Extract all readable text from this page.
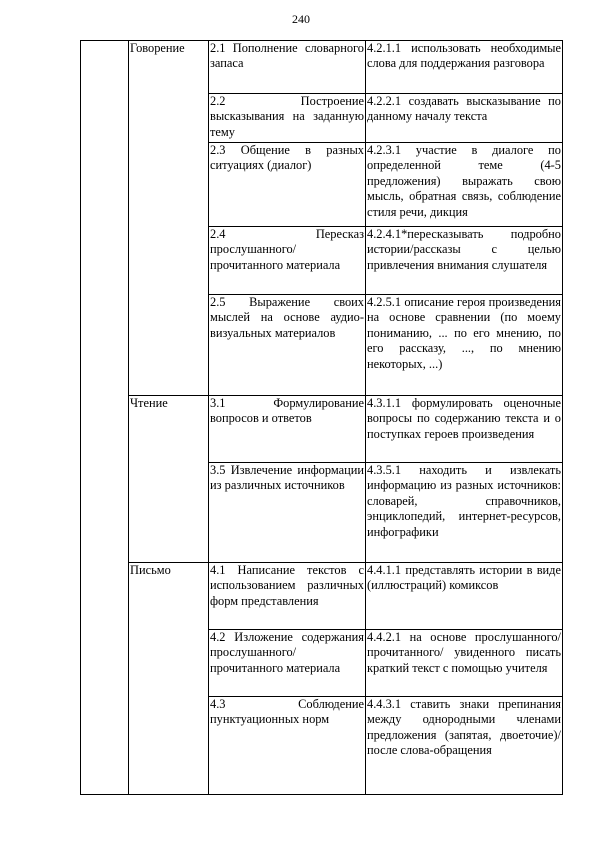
240
	Говорение	2.1 Пополнение словарного запаса	4.2.1.1 использовать необходимые слова для поддержания разговора

		2.2 Построение высказывания на заданную тему	4.2.2.1 создавать высказывание по данному началу текста

		2.3 Общение в разных ситуациях (диалог)	4.2.3.1 участие в диалоге по определенной теме (4-5 предложения) выражать свою мысль, обратная связь, соблюдение стиля речи, дикция

		2.4 Пересказ прослушанного/прочитанного материала	4.2.4.1*пересказывать подробно истории/рассказы с целью привлечения внимания слушателя

		2.5 Выражение своих мыслей на основе аудио-визуальных материалов	4.2.5.1 описание героя произведения на основе сравнении (по моему пониманию, ... по его мнению, по его рассказу, ..., по мнению некоторых, ...)

	Чтение	3.1 Формулирование вопросов и ответов	4.3.1.1 формулировать оценочные вопросы по содержанию текста и о поступках героев произведения

		3.5 Извлечение информации из различных источников	4.3.5.1 находить и извлекать информацию из разных источников: словарей, справочников, энциклопедий, интернет-ресурсов, инфографики

	Письмо	4.1 Написание текстов с использованием различных форм представления	4.4.1.1 представлять истории в виде (иллюстраций) комиксов

		4.2 Изложение содержания прослушанного/прочитанного материала	4.4.2.1 на основе прослушанного/ прочитанного/ увиденного писать краткий текст с помощью учителя

		4.3 Соблюдение пунктуационных норм	4.4.3.1 ставить знаки препинания между однородными членами предложения (запятая, двоеточие)/ после слова-обращения
